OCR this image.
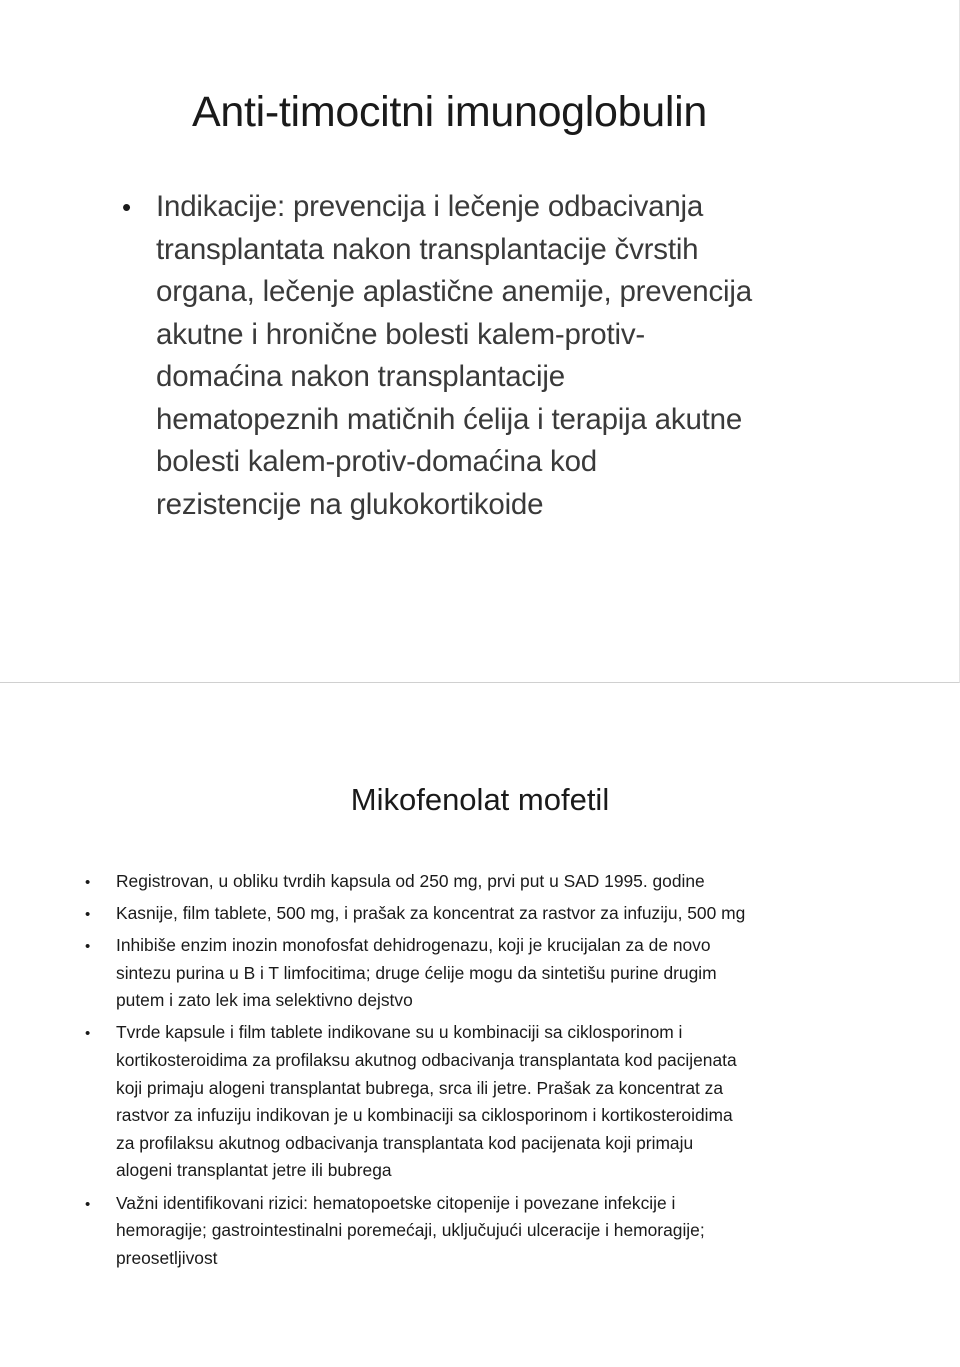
Anti-timocitni imunoglobulin
• Indikacije: prevencija i lečenje odbacivanja
transplantata nakon transplantacije čvrstih
organa, lečenje aplastične anemije, prevencija
akutne i hronične bolesti kalem-protiv-
domaćina nakon transplantacije
hematopeznih matičnih ćelija i terapija akutne
bolesti kalem-protiv-domaćina kod
rezistencije na glukokortikoide
Mikofenolat mofetil
• Registrovan, u obliku tvrdih kapsula od 250 mg, prvi put u SAD 1995. godine
• Kasnije, film tablete, 500 mg, i prašak za koncentrat za rastvor za infuziju, 500 mg
• Inhibiše enzim inozin monofosfat dehidrogenazu, koji je krucijalan za de novo
sintezu purina u B i T limfocitima; druge ćelije mogu da sintetišu purine drugim
putem i zato lek ima selektivno dejstvo
• Tvrde kapsule i film tablete indikovane su u kombinaciji sa ciklosporinom i
kortikosteroidima za profilaksu akutnog odbacivanja transplantata kod pacijenata
koji primaju alogeni transplantat bubrega, srca ili jetre. Prašak za koncentrat za
rastvor za infuziju indikovan je u kombinaciji sa ciklosporinom i kortikosteroidima
za profilaksu akutnog odbacivanja transplantata kod pacijenata koji primaju
alogeni transplantat jetre ili bubrega
• Važni identifikovani rizici: hematopoetske citopenije i povezane infekcije i
hemoragije; gastrointestinalni poremećaji, uključujući ulceracije i hemoragije;
preosetljivost
